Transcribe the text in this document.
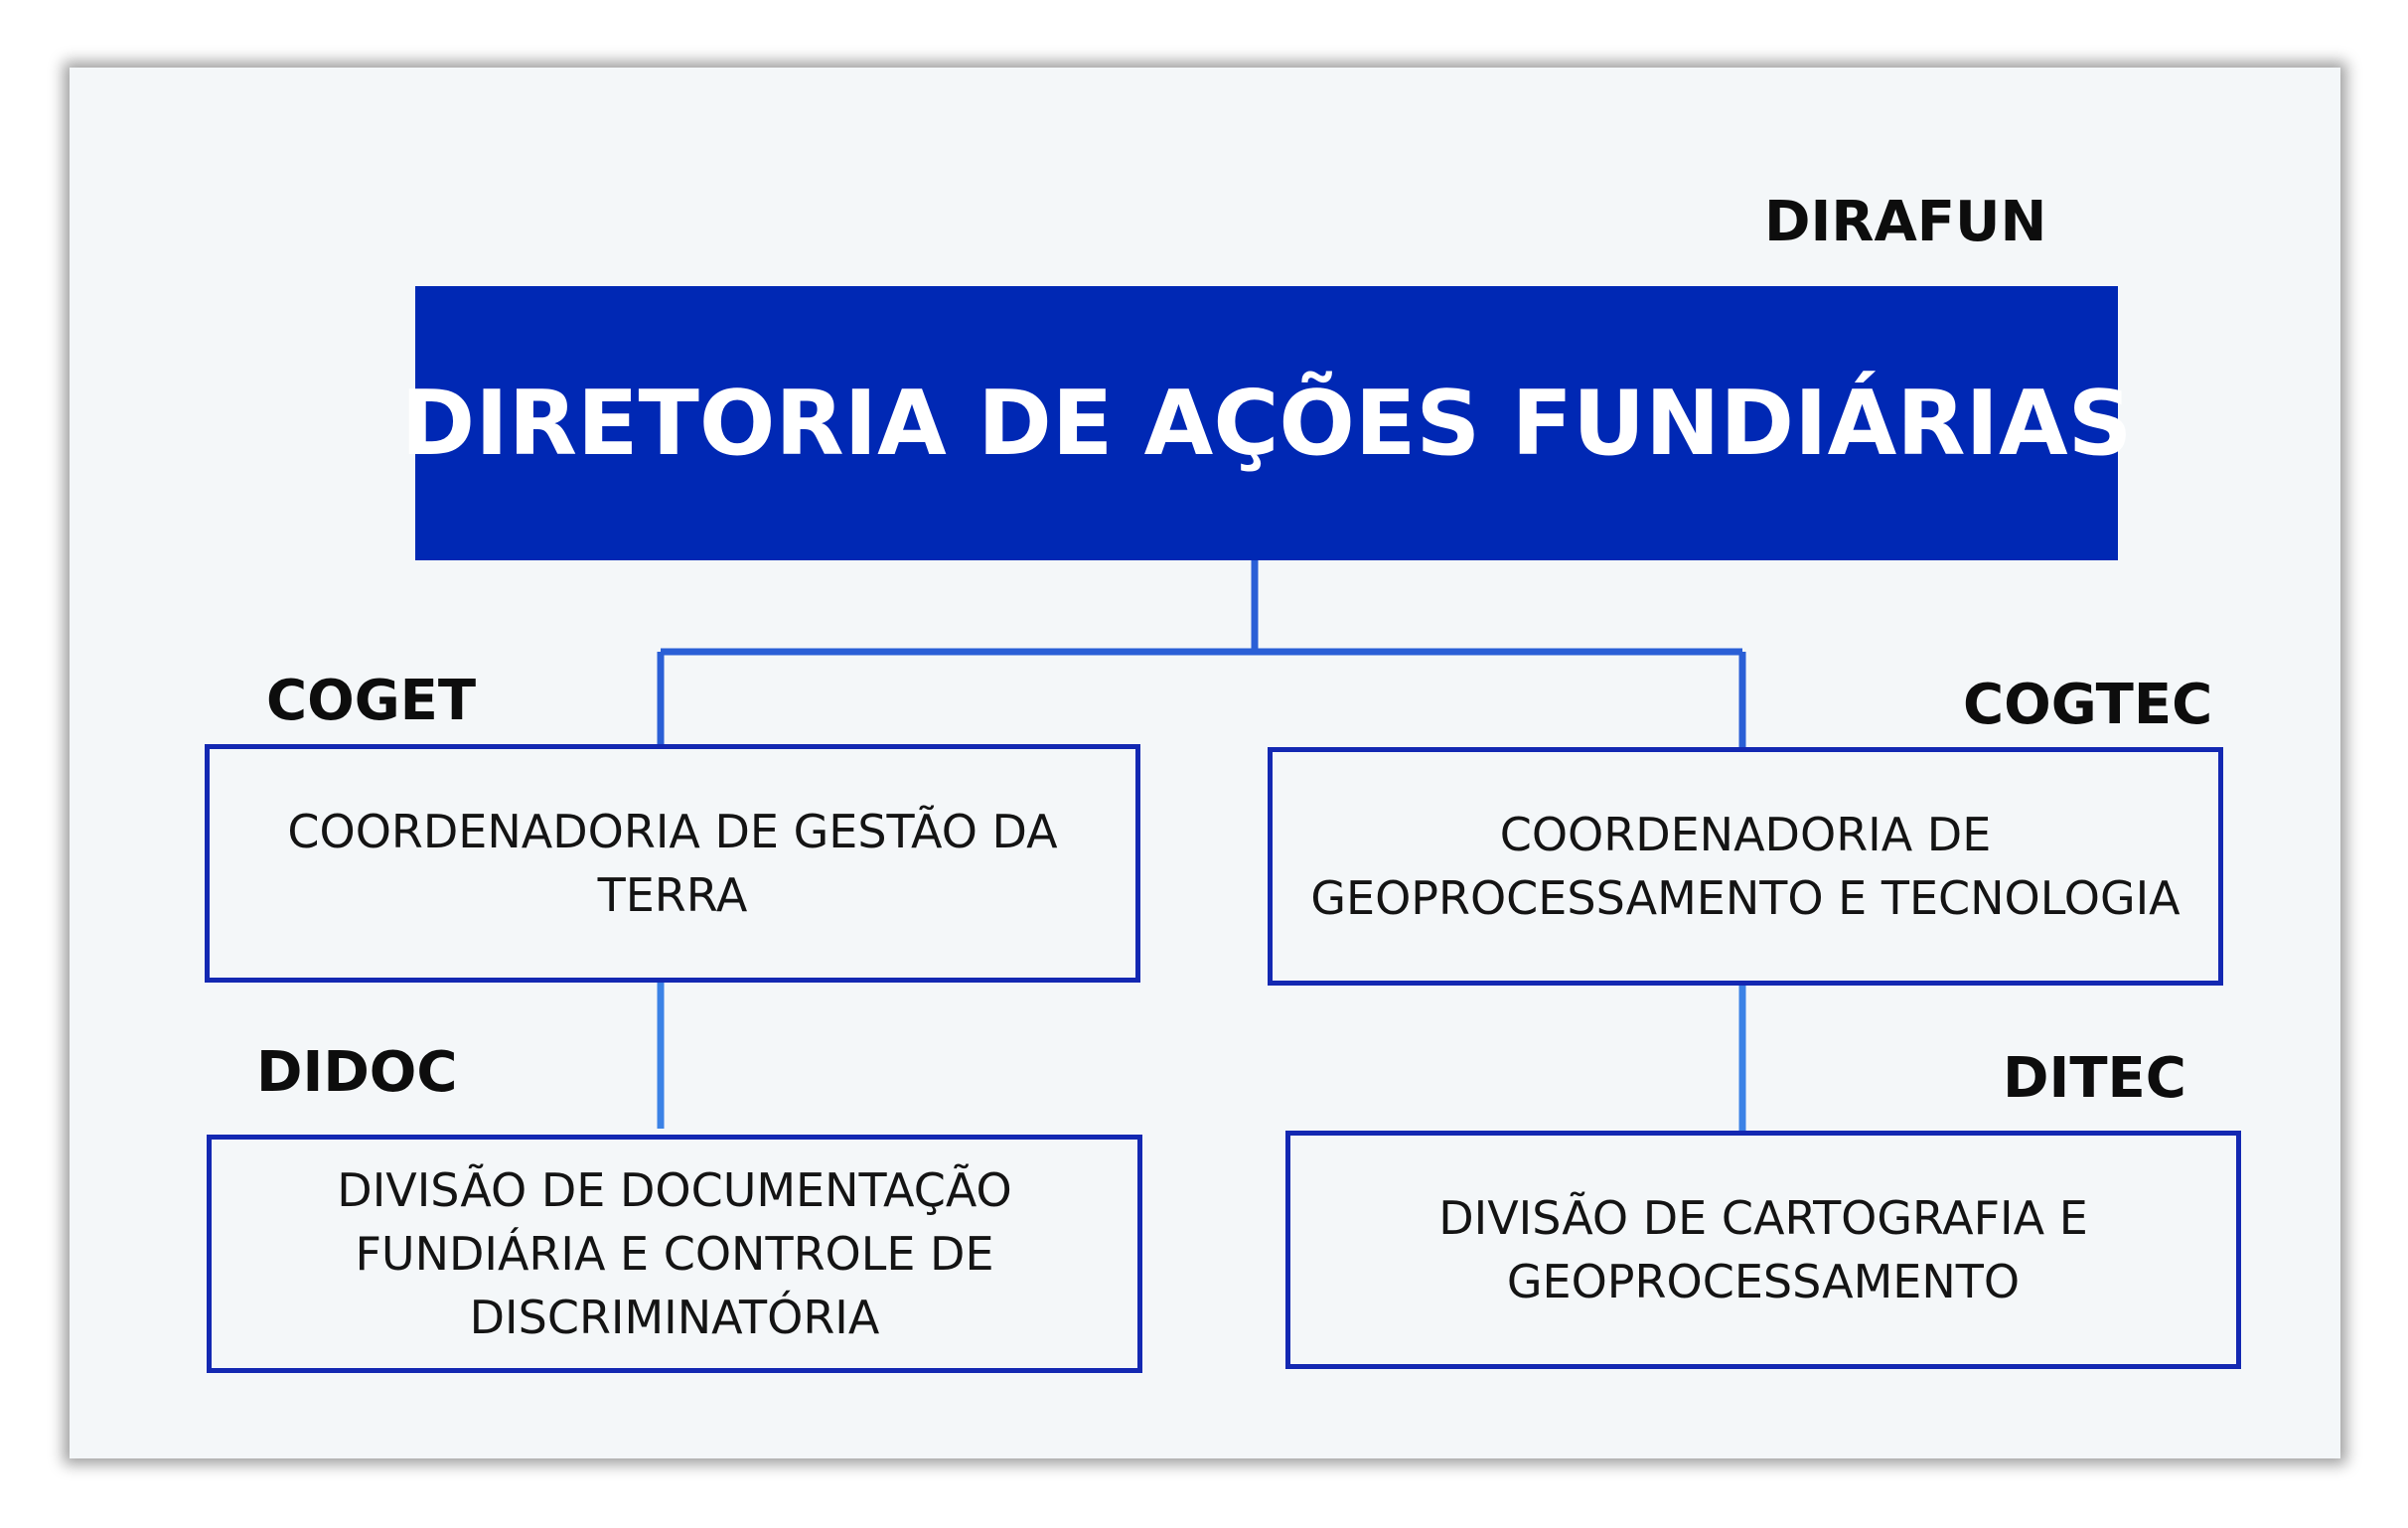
DIRAFUN
DIRETORIA DE AÇÕES FUNDIÁRIAS
COGET
COORDENADORIA DE GESTÃO DA
TERRA
DIDOC
DIVISÃO DE DOCUMENTAÇÃO
FUNDIÁRIA E CONTROLE DE
DISCRIMINATÓRIA
COGTEC
COORDENADORIA DE
GEOPROCESSAMENTO E TECNOLOGIA
DITEC
DIVISÃO DE CARTOGRAFIA E
GEOPROCESSAMENTO
